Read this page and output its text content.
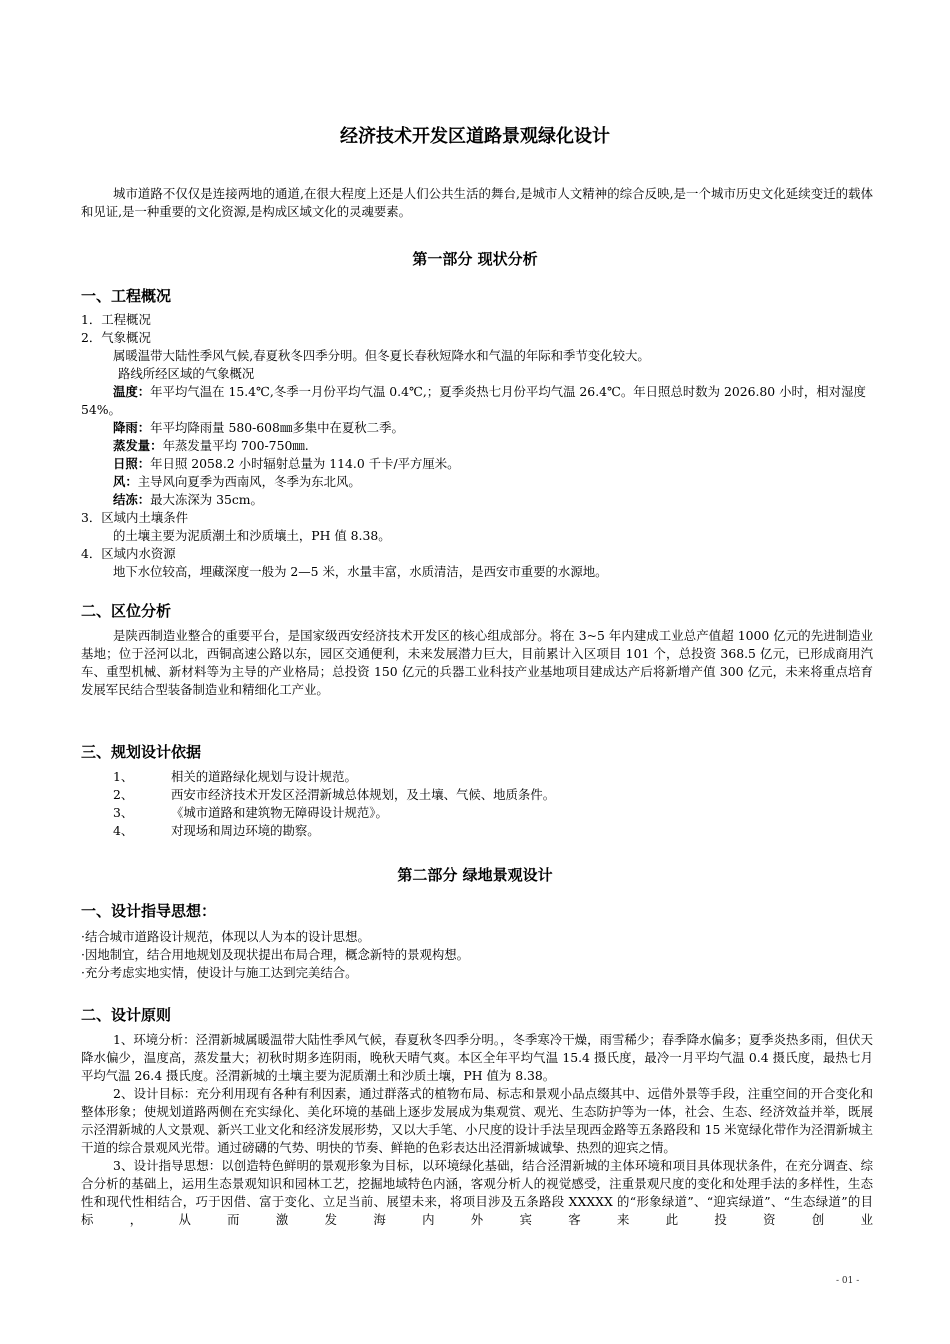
经济技术开发区道路景观绿化设计

城市道路不仅仅是连接两地的通道,在很大程度上还是人们公共生活的舞台,是城市人文精神的综合反映,是一个城市历史文化延续变迁的载体和见证,是一种重要的文化资源,是构成区域文化的灵魂要素。

第一部分 现状分析
一、工程概况

1．工程概况

2．气象概况

属暖温带大陆性季风气候,春夏秋冬四季分明。但冬夏长春秋短降水和气温的年际和季节变化较大。

路线所经区域的气象概况

温度：年平均气温在 15.4℃,冬季一月份平均气温 0.4℃,；夏季炎热七月份平均气温 26.4℃。年日照总时数为 2026.80 小时，相对湿度 54%。

降雨：年平均降雨量 580-608㎜多集中在夏秋二季。

蒸发量：年蒸发量平均 700-750㎜.

日照：年日照 2058.2 小时辐射总量为 114.0 千卡/平方厘米。

风：主导风向夏季为西南风，冬季为东北风。

结冻：最大冻深为 35cm。

3．区域内土壤条件

的土壤主要为泥质潮土和沙质壤土，PH 值 8.38。

4．区域内水资源

地下水位较高，埋藏深度一般为 2—5 米，水量丰富，水质清洁，是西安市重要的水源地。

二、区位分析

是陕西制造业整合的重要平台，是国家级西安经济技术开发区的核心组成部分。将在 3~5 年内建成工业总产值超 1000 亿元的先进制造业基地；位于泾河以北，西铜高速公路以东，园区交通便利，未来发展潜力巨大，目前累计入区项目 101 个，总投资 368.5 亿元，已形成商用汽车、重型机械、新材料等为主导的产业格局；总投资 150 亿元的兵器工业科技产业基地项目建成达产后将新增产值 300 亿元，未来将重点培育发展军民结合型装备制造业和精细化工产业。

三、规划设计依据

1、	相关的道路绿化规划与设计规范。

2、	西安市经济技术开发区泾渭新城总体规划，及土壤、气候、地质条件。

3、	《城市道路和建筑物无障碍设计规范》。

4、	对现场和周边环境的勘察。

第二部分 绿地景观设计
一、设计指导思想：

·结合城市道路设计规范，体现以人为本的设计思想。

·因地制宜，结合用地规划及现状提出布局合理，概念新特的景观构想。

·充分考虑实地实情，使设计与施工达到完美结合。

二、设计原则

1、环境分析：泾渭新城属暖温带大陆性季风气候，春夏秋冬四季分明。，冬季寒冷干燥，雨雪稀少；春季降水偏多；夏季炎热多雨，但伏天降水偏少，温度高，蒸发量大；初秋时期多连阴雨，晚秋天晴气爽。本区全年平均气温 15.4 摄氏度，最冷一月平均气温 0.4 摄氏度，最热七月平均气温 26.4 摄氏度。泾渭新城的土壤主要为泥质潮土和沙质土壤，PH 值为 8.38。

2、设计目标：充分利用现有各种有利因素，通过群落式的植物布局、标志和景观小品点缀其中、远借外景等手段，注重空间的开合变化和整体形象；使规划道路两侧在充实绿化、美化环境的基础上逐步发展成为集观赏、观光、生态防护等为一体，社会、生态、经济效益并举，既展示泾渭新城的人文景观、新兴工业文化和经济发展形势，又以大手笔、小尺度的设计手法呈现西金路等五条路段和 15 米宽绿化带作为泾渭新城主干道的综合景观风光带。通过磅礴的气势、明快的节奏、鲜艳的色彩表达出泾渭新城诚挚、热烈的迎宾之情。

3、设计指导思想：以创造特色鲜明的景观形象为目标，以环境绿化基础，结合泾渭新城的主体环境和项目具体现状条件，在充分调查、综合分析的基础上，运用生态景观知识和园林工艺，挖掘地域特色内涵，客观分析人的视觉感受，注重景观尺度的变化和处理手法的多样性，生态性和现代性相结合，巧于因借、富于变化、立足当前、展望未来，将项目涉及五条路段 XXXXX 的“形象绿道”、“迎宾绿道”、“生态绿道”的目标，从而激发海内外宾客来此投资创业

- 01 -
